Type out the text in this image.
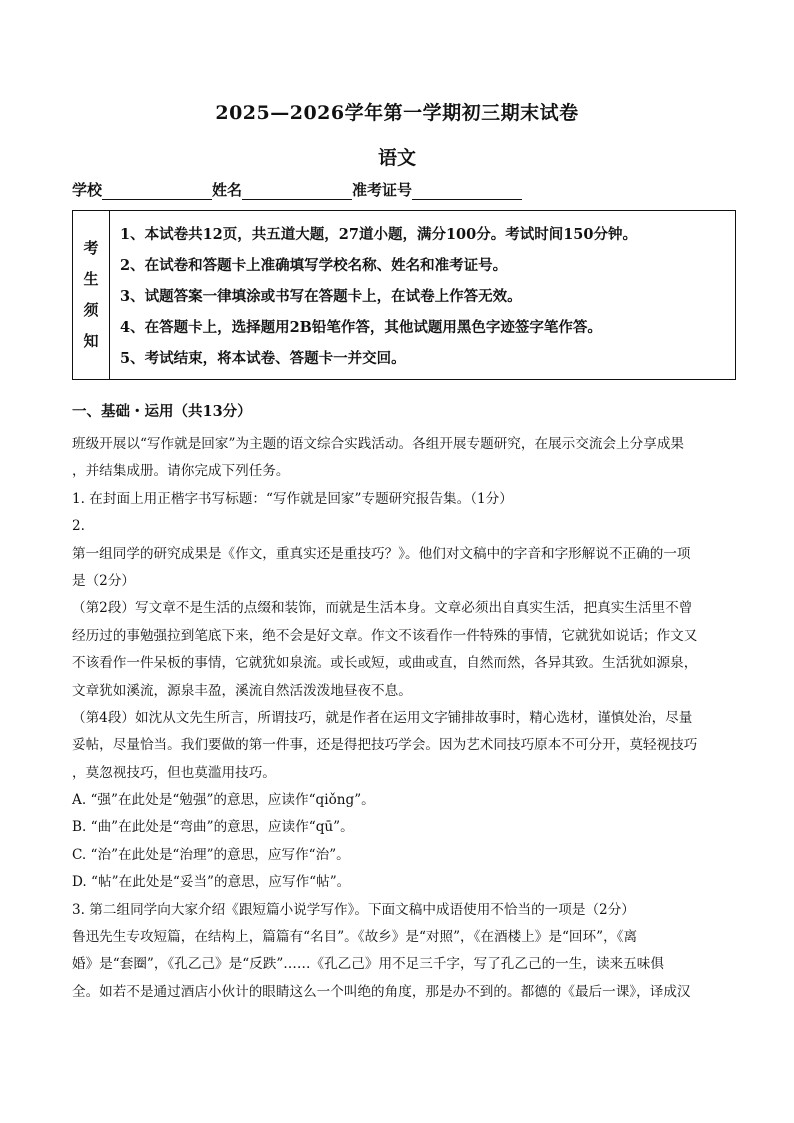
2025—2026学年第一学期初三期末试卷
语文
学校	姓名	准考证号
考
生
须
知
1、本试卷共12页，共五道大题，27道小题，满分100分。考试时间150分钟。
2、在试卷和答题卡上准确填写学校名称、姓名和准考证号。
3、试题答案一律填涂或书写在答题卡上，在试卷上作答无效。
4、在答题卡上，选择题用2B铅笔作答，其他试题用黑色字迹签字笔作答。
5、考试结束，将本试卷、答题卡一并交回。
一、基础・运用（共13分）
班级开展以“写作就是回家”为主题的语文综合实践活动。各组开展专题研究，在展示交流会上分享成果
，并结集成册。请你完成下列任务。
1. 在封面上用正楷字书写标题：“写作就是回家”专题研究报告集。（1分）
2.
第一组同学的研究成果是《作文，重真实还是重技巧？》。他们对文稿中的字音和字形解说不正确的一项
是（2分）
（第2段）写文章不是生活的点缀和装饰，而就是生活本身。文章必须出自真实生活，把真实生活里不曾
经历过的事勉强拉到笔底下来，绝不会是好文章。作文不该看作一件特殊的事情，它就犹如说话；作文又
不该看作一件呆板的事情，它就犹如泉流。或长或短，或曲或直，自然而然，各异其致。生活犹如源泉，
文章犹如溪流，源泉丰盈，溪流自然活泼泼地昼夜不息。
（第4段）如沈从文先生所言，所谓技巧，就是作者在运用文字铺排故事时，精心选材，谨慎处治，尽量
妥帖，尽量恰当。我们要做的第一件事，还是得把技巧学会。因为艺术同技巧原本不可分开，莫轻视技巧
，莫忽视技巧，但也莫滥用技巧。
A. “强”在此处是“勉强”的意思，应读作“qiǒng”。
B. “曲”在此处是“弯曲”的意思，应读作“qū”。
C. “治”在此处是“治理”的意思，应写作“治”。
D. “帖”在此处是“妥当”的意思，应写作“帖”。
3. 第二组同学向大家介绍《跟短篇小说学写作》。下面文稿中成语使用不恰当的一项是（2分）
鲁迅先生专攻短篇，在结构上，篇篇有“名目”。《故乡》是“对照”，《在酒楼上》是“回环”，《离
婚》是“套圈”，《孔乙己》是“反跌”……《孔乙己》用不足三千字，写了孔乙己的一生，读来五味俱
全。如若不是通过酒店小伙计的眼睛这么一个叫绝的角度，那是办不到的。都德的《最后一课》，译成汉
